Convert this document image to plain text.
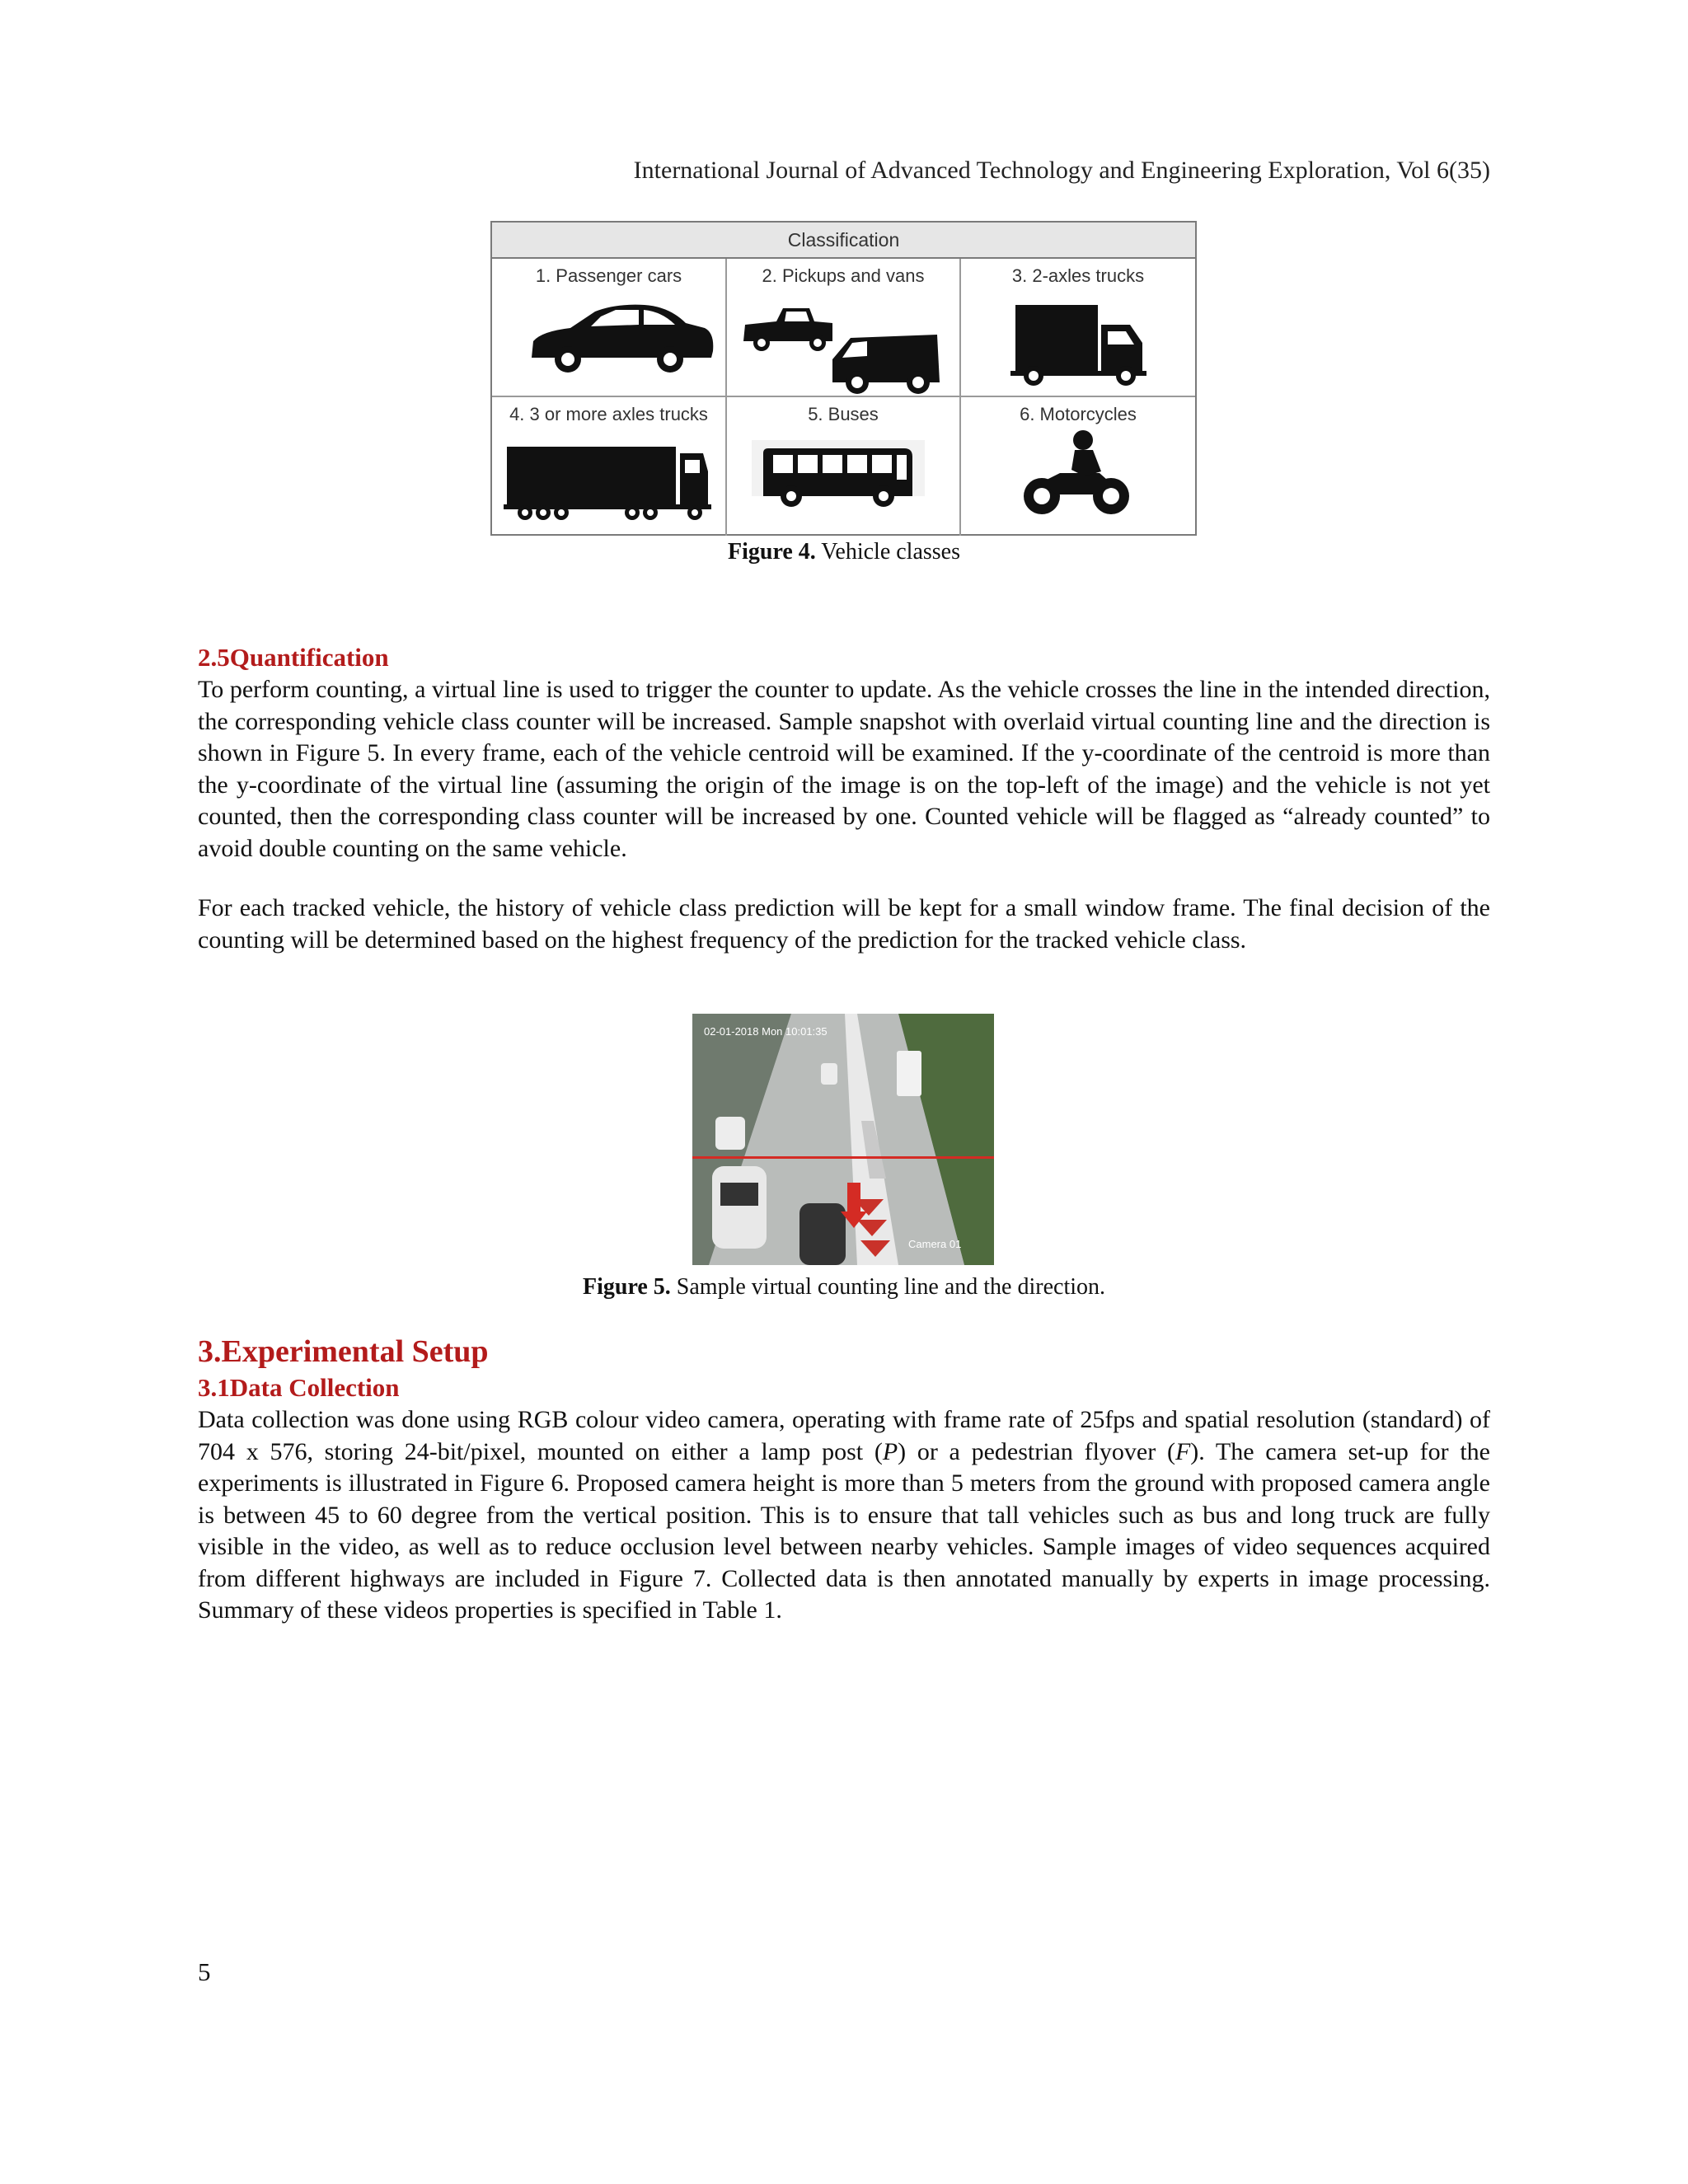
International Journal of Advanced Technology and Engineering Exploration, Vol 6(35)
Classification
1. Passenger cars	2. Pickups and vans	3. 2-axles trucks
4. 3 or more axles trucks	5. Buses	6. Motorcycles
Figure 4. Vehicle classes
2.5Quantification
To perform counting, a virtual line is used to trigger the counter to update. As the vehicle crosses the line in the intended direction, the corresponding vehicle class counter will be increased. Sample snapshot with overlaid virtual counting line and the direction is shown in Figure 5. In every frame, each of the vehicle centroid will be examined. If the y-coordinate of the centroid is more than the y-coordinate of the virtual line (assuming the origin of the image is on the top-left of the image) and the vehicle is not yet counted, then the corresponding class counter will be increased by one. Counted vehicle will be flagged as “already counted” to avoid double counting on the same vehicle.
For each tracked vehicle, the history of vehicle class prediction will be kept for a small window frame. The final decision of the counting will be determined based on the highest frequency of the prediction for the tracked vehicle class.
02-01-2018 Mon 10:01:35
Camera 01
Figure 5. Sample virtual counting line and the direction.
3.Experimental Setup
3.1Data Collection
Data collection was done using RGB colour video camera, operating with frame rate of 25fps and spatial resolution (standard) of 704 x 576, storing 24-bit/pixel, mounted on either a lamp post (P) or a pedestrian flyover (F). The camera set-up for the experiments is illustrated in Figure 6. Proposed camera height is more than 5 meters from the ground with proposed camera angle is between 45 to 60 degree from the vertical position. This is to ensure that tall vehicles such as bus and long truck are fully visible in the video, as well as to reduce occlusion level between nearby vehicles. Sample images of video sequences acquired from different highways are included in Figure 7. Collected data is then annotated manually by experts in image processing. Summary of these videos properties is specified in Table 1.
5
